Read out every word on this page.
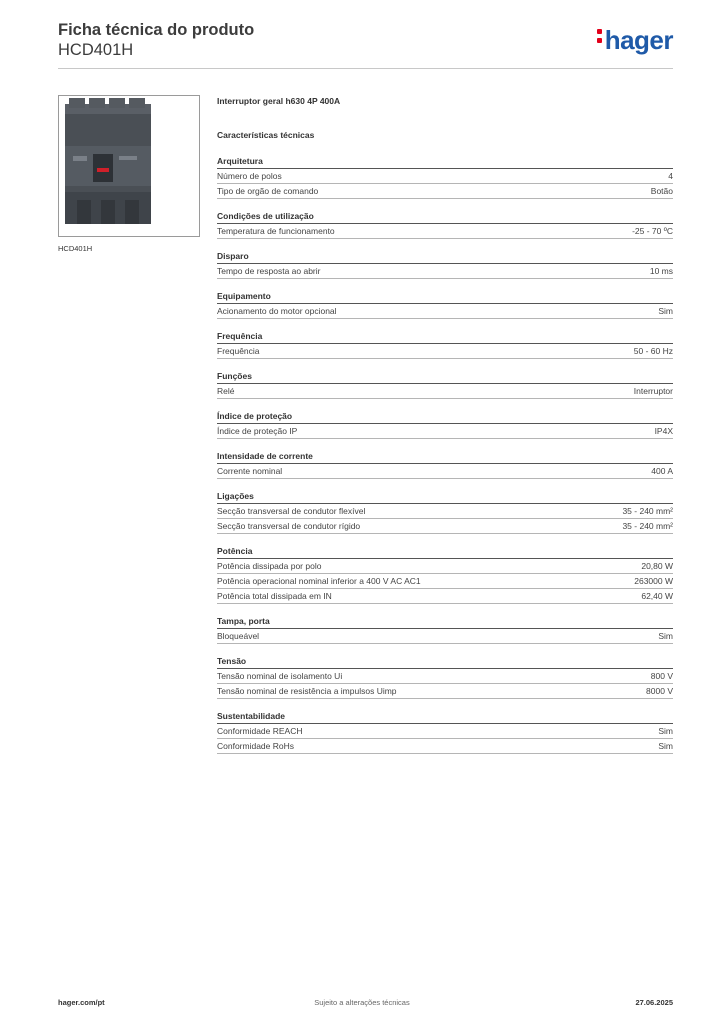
Ficha técnica do produto
HCD401H	hager
HCD401H
Interruptor geral h630 4P 400A
Características técnicas
Arquitetura
Número de polos	4
Tipo de orgão de comando	Botão
Condições de utilização
Temperatura de funcionamento	-25 - 70 ºC
Disparo
Tempo de resposta ao abrir	10 ms
Equipamento
Acionamento do motor opcional	Sim
Frequência
Frequência	50 - 60 Hz
Funções
Relé	Interruptor
Índice de proteção
Índice de proteção IP	IP4X
Intensidade de corrente
Corrente nominal	400 A
Ligações
Secção transversal de condutor flexível	35 - 240 mm²
Secção transversal de condutor rígido	35 - 240 mm²
Potência
Potência dissipada por polo	20,80 W
Potência operacional nominal inferior a 400 V AC AC1	263000 W
Potência total dissipada em IN	62,40 W
Tampa, porta
Bloqueável	Sim
Tensão
Tensão nominal de isolamento Ui	800 V
Tensão nominal de resistência a impulsos Uimp	8000 V
Sustentabilidade
Conformidade REACH	Sim
Conformidade RoHs	Sim
hager.com/pt	Sujeito a alterações técnicas	27.06.2025
